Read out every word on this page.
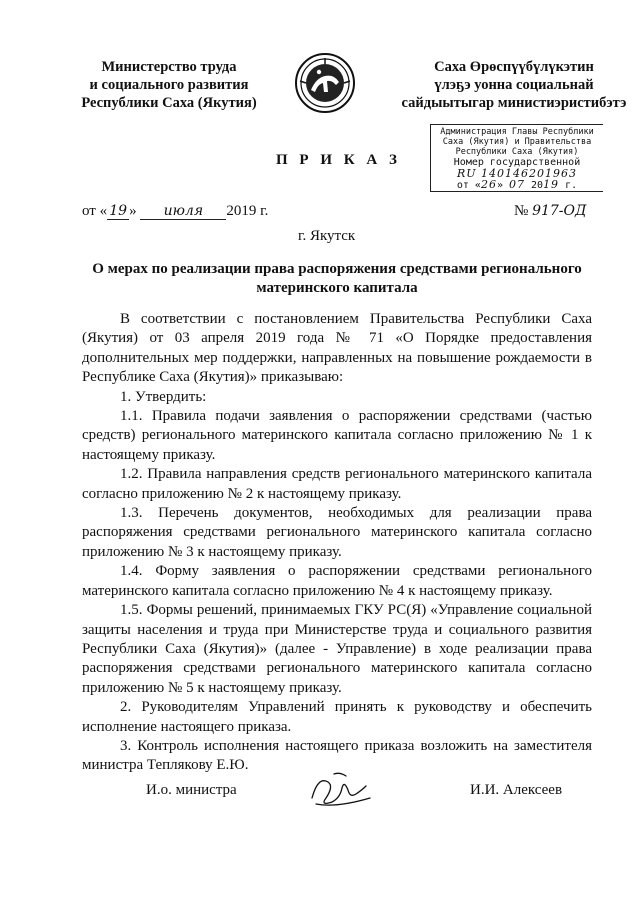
Министерство труда
и социального развития
Республики Саха (Якутия)
Саха Өрөспүүбүлүкэтин
үлэҕэ уонна социальнай
сайдыытыгар министиэристибэтэ
Администрация Главы Республики
Саха (Якутия) и Правительства
Республики Саха (Якутия)
Номер государственной
RU 140146201963
от «26» 07 2019 г.
П Р И К А З
от « 19 » июля 2019 г.	№ 917-ОД
г. Якутск
О мерах по реализации права распоряжения средствами регионального материнского капитала

В соответствии с постановлением Правительства Республики Саха (Якутия) от 03 апреля 2019 года № 71 «О Порядке предоставления дополнительных мер поддержки, направленных на повышение рождаемости в Республике Саха (Якутия)» приказываю:

1. Утвердить:

1.1. Правила подачи заявления о распоряжении средствами (частью средств) регионального материнского капитала согласно приложению № 1 к настоящему приказу.

1.2. Правила направления средств регионального материнского капитала согласно приложению № 2 к настоящему приказу.

1.3. Перечень документов, необходимых для реализации права распоряжения средствами регионального материнского капитала согласно приложению № 3 к настоящему приказу.

1.4. Форму заявления о распоряжении средствами регионального материнского капитала согласно приложению № 4 к настоящему приказу.

1.5. Формы решений, принимаемых ГКУ РС(Я) «Управление социальной защиты населения и труда при Министерстве труда и социального развития Республики Саха (Якутия)» (далее - Управление) в ходе реализации права распоряжения средствами регионального материнского капитала согласно приложению № 5 к настоящему приказу.

2. Руководителям Управлений принять к руководству и обеспечить исполнение настоящего приказа.

3. Контроль исполнения настоящего приказа возложить на заместителя министра Теплякову Е.Ю.

И.о. министра	И.И. Алексеев
